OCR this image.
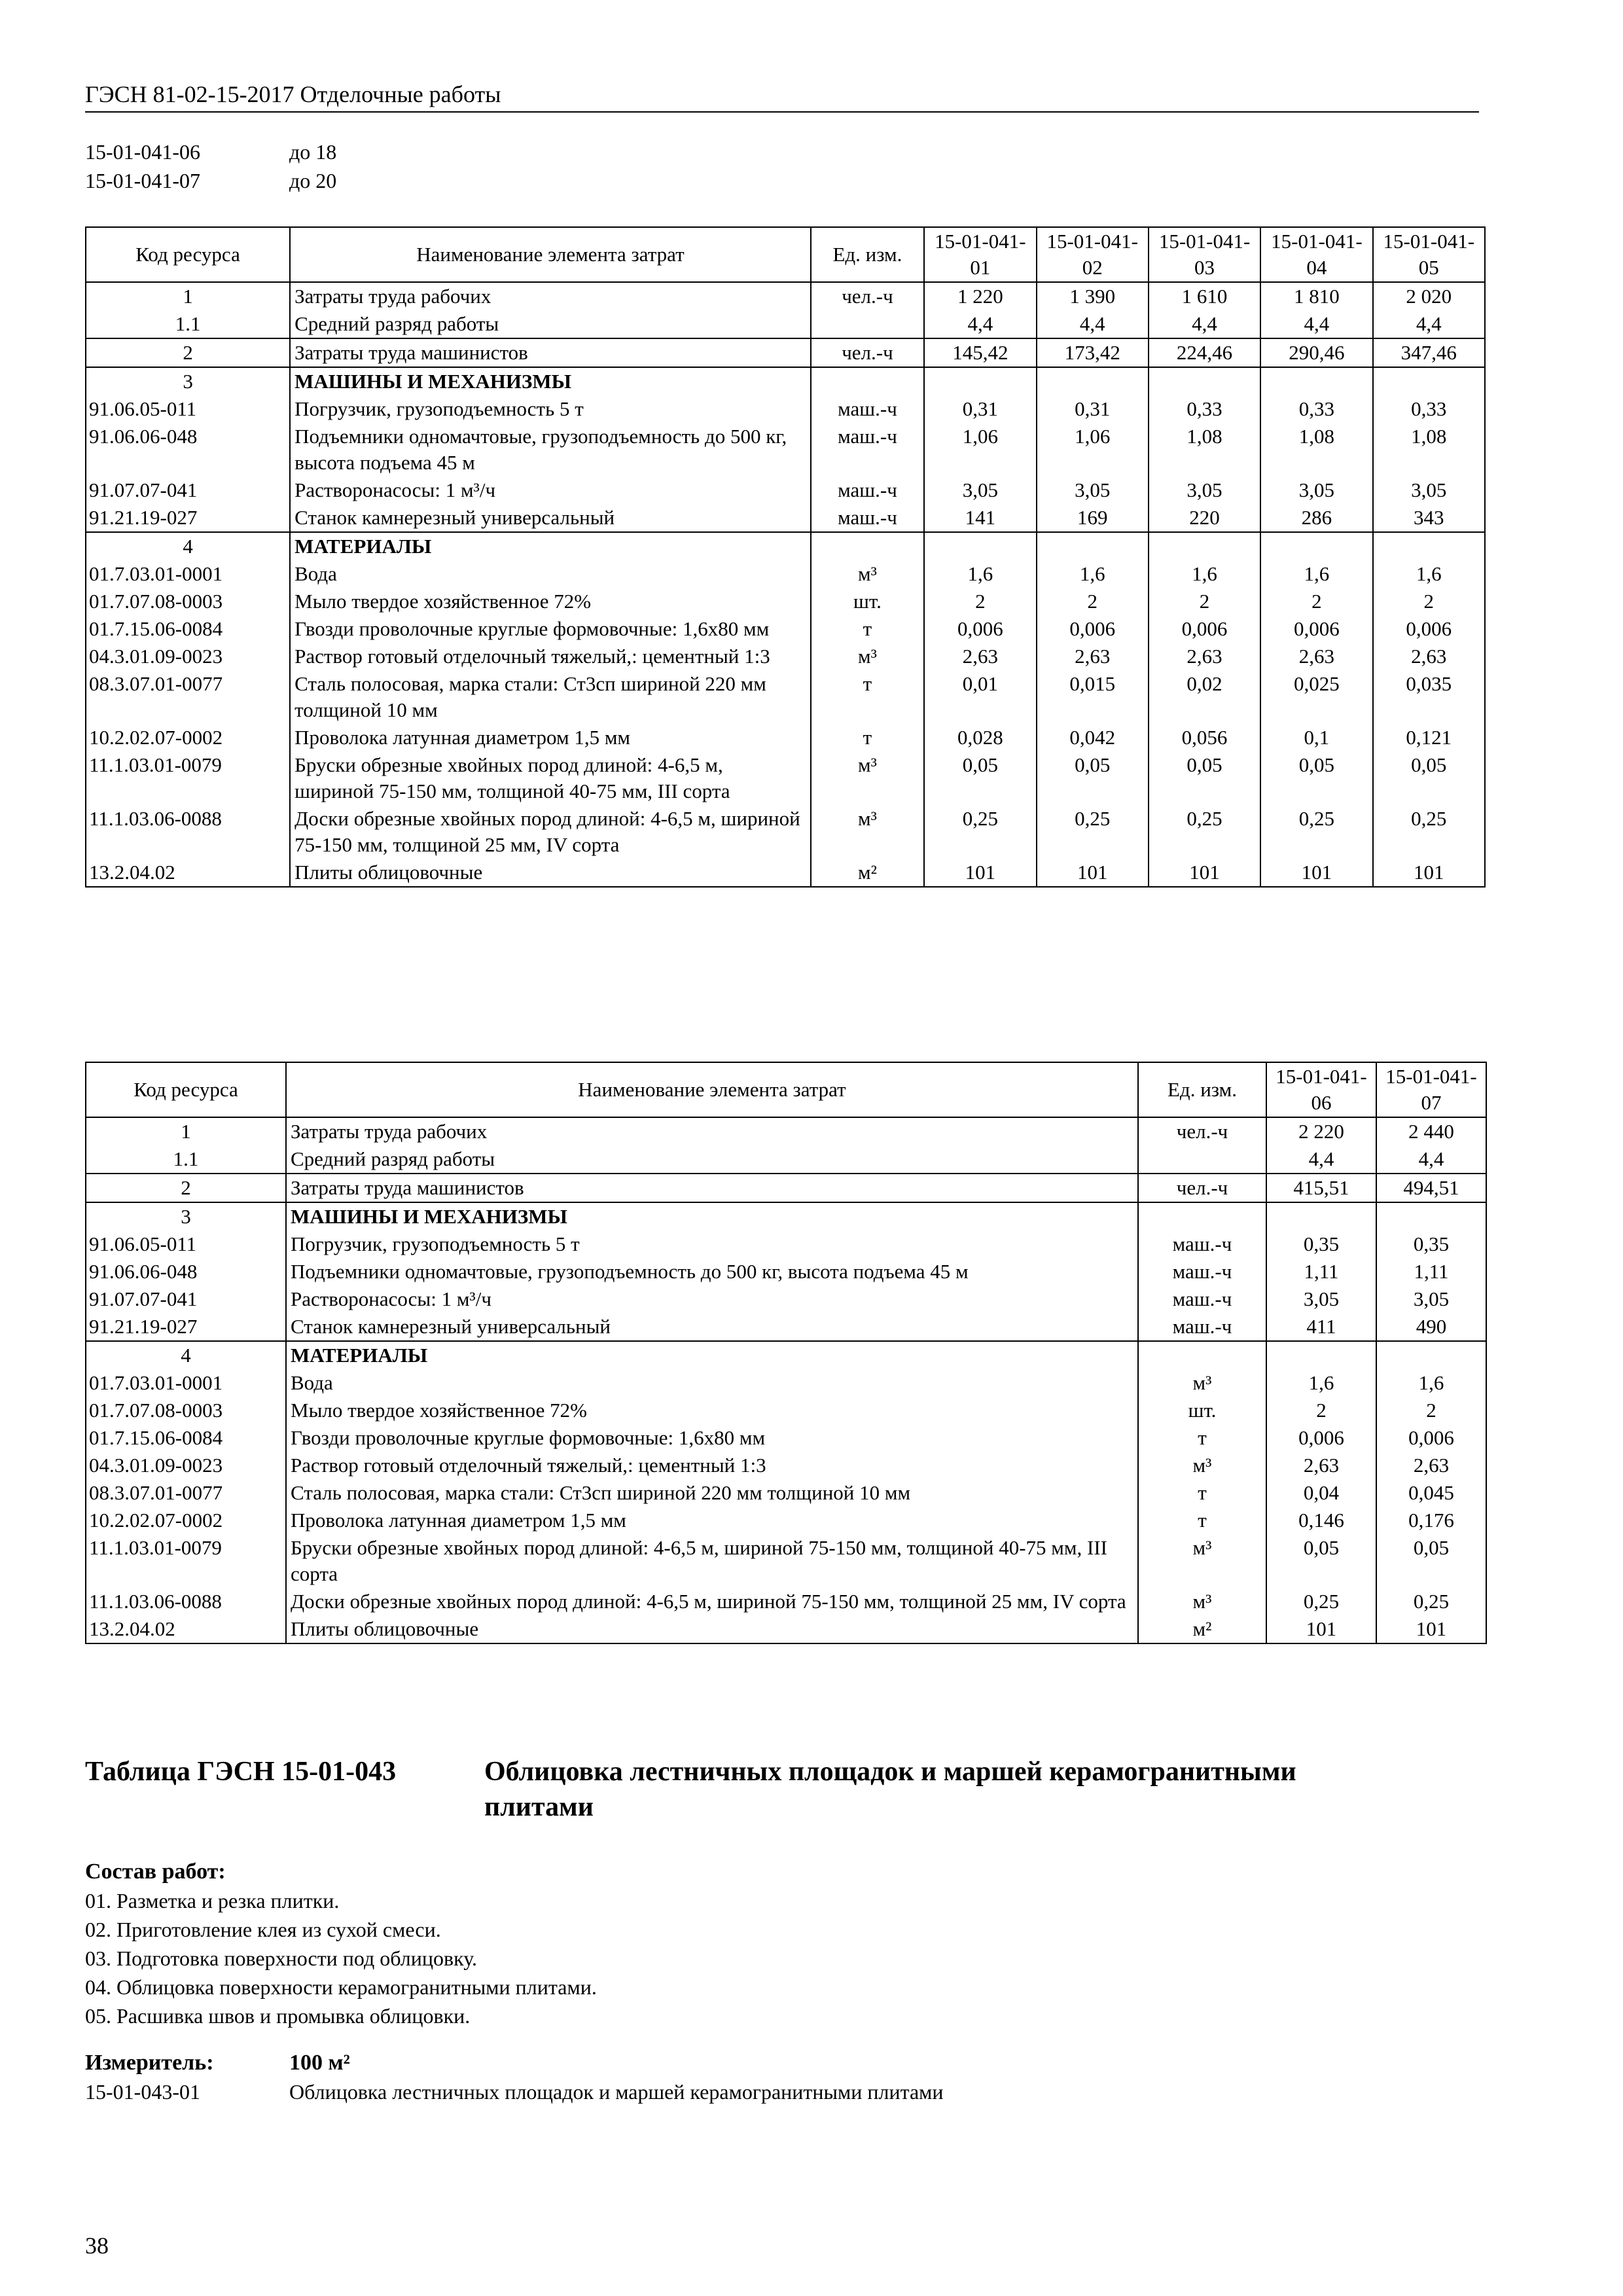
ГЭСН 81-02-15-2017 Отделочные работы
15-01-041-06	до 18
15-01-041-07	до 20
Код ресурса	Наименование элемента затрат	Ед. изм.	15-01-041-01	15-01-041-02	15-01-041-03	15-01-041-04	15-01-041-05
1	Затраты труда рабочих	чел.-ч	1 220	1 390	1 610	1 810	2 020
1.1	Средний разряд работы		4,4	4,4	4,4	4,4	4,4
2	Затраты труда машинистов	чел.-ч	145,42	173,42	224,46	290,46	347,46
3	МАШИНЫ И МЕХАНИЗМЫ						
91.06.05-011	Погрузчик, грузоподъемность 5 т	маш.-ч	0,31	0,31	0,33	0,33	0,33
91.06.06-048	Подъемники одномачтовые, грузоподъемность до 500 кг, высота подъема 45 м	маш.-ч	1,06	1,06	1,08	1,08	1,08
91.07.07-041	Растворонасосы: 1 м³/ч	маш.-ч	3,05	3,05	3,05	3,05	3,05
91.21.19-027	Станок камнерезный универсальный	маш.-ч	141	169	220	286	343
4	МАТЕРИАЛЫ						
01.7.03.01-0001	Вода	м³	1,6	1,6	1,6	1,6	1,6
01.7.07.08-0003	Мыло твердое хозяйственное 72%	шт.	2	2	2	2	2
01.7.15.06-0084	Гвозди проволочные круглые формовочные: 1,6х80 мм	т	0,006	0,006	0,006	0,006	0,006
04.3.01.09-0023	Раствор готовый отделочный тяжелый,: цементный 1:3	м³	2,63	2,63	2,63	2,63	2,63
08.3.07.01-0077	Сталь полосовая, марка стали: Ст3сп шириной 220 мм толщиной 10 мм	т	0,01	0,015	0,02	0,025	0,035
10.2.02.07-0002	Проволока латунная диаметром 1,5 мм	т	0,028	0,042	0,056	0,1	0,121
11.1.03.01-0079	Бруски обрезные хвойных пород длиной: 4-6,5 м, шириной 75-150 мм, толщиной 40-75 мм, III сорта	м³	0,05	0,05	0,05	0,05	0,05
11.1.03.06-0088	Доски обрезные хвойных пород длиной: 4-6,5 м, шириной 75-150 мм, толщиной 25 мм, IV сорта	м³	0,25	0,25	0,25	0,25	0,25
13.2.04.02	Плиты облицовочные	м²	101	101	101	101	101
Код ресурса	Наименование элемента затрат	Ед. изм.	15-01-041-06	15-01-041-07
1	Затраты труда рабочих	чел.-ч	2 220	2 440
1.1	Средний разряд работы		4,4	4,4
2	Затраты труда машинистов	чел.-ч	415,51	494,51
3	МАШИНЫ И МЕХАНИЗМЫ			
91.06.05-011	Погрузчик, грузоподъемность 5 т	маш.-ч	0,35	0,35
91.06.06-048	Подъемники одномачтовые, грузоподъемность до 500 кг, высота подъема 45 м	маш.-ч	1,11	1,11
91.07.07-041	Растворонасосы: 1 м³/ч	маш.-ч	3,05	3,05
91.21.19-027	Станок камнерезный универсальный	маш.-ч	411	490
4	МАТЕРИАЛЫ			
01.7.03.01-0001	Вода	м³	1,6	1,6
01.7.07.08-0003	Мыло твердое хозяйственное 72%	шт.	2	2
01.7.15.06-0084	Гвозди проволочные круглые формовочные: 1,6х80 мм	т	0,006	0,006
04.3.01.09-0023	Раствор готовый отделочный тяжелый,: цементный 1:3	м³	2,63	2,63
08.3.07.01-0077	Сталь полосовая, марка стали: Ст3сп шириной 220 мм толщиной 10 мм	т	0,04	0,045
10.2.02.07-0002	Проволока латунная диаметром 1,5 мм	т	0,146	0,176
11.1.03.01-0079	Бруски обрезные хвойных пород длиной: 4-6,5 м, шириной 75-150 мм, толщиной 40-75 мм, III сорта	м³	0,05	0,05
11.1.03.06-0088	Доски обрезные хвойных пород длиной: 4-6,5 м, шириной 75-150 мм, толщиной 25 мм, IV сорта	м³	0,25	0,25
13.2.04.02	Плиты облицовочные	м²	101	101
Таблица ГЭСН 15-01-043	Облицовка лестничных площадок и маршей керамогранитными плитами
Состав работ:
01. Разметка и резка плитки.
02. Приготовление клея из сухой смеси.
03. Подготовка поверхности под облицовку.
04. Облицовка поверхности керамогранитными плитами.
05. Расшивка швов и промывка облицовки.
Измеритель:	100 м²
15-01-043-01	Облицовка лестничных площадок и маршей керамогранитными плитами
38
